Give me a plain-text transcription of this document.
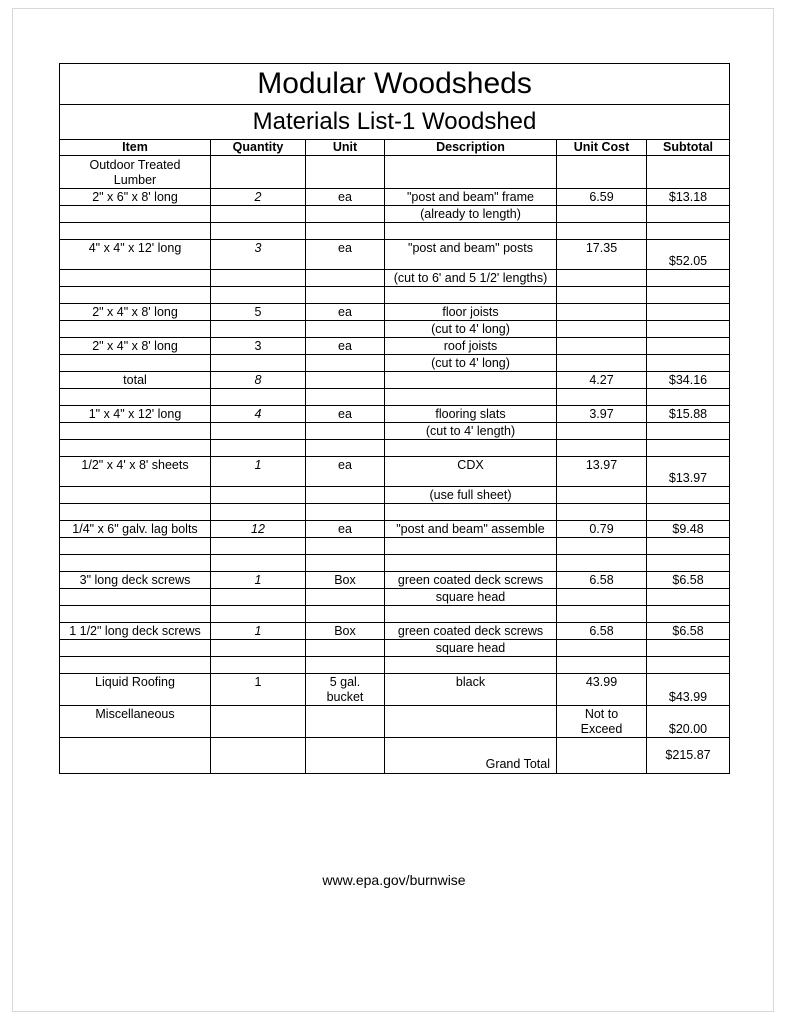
Modular Woodsheds					
Materials List-1 Woodshed					
Item	Quantity	Unit	Description	Unit Cost	Subtotal
Outdoor Treated Lumber					
2" x 6" x 8' long	2	ea	"post and beam" frame	6.59	$13.18
			(already to length)		

4" x 4" x 12' long	3	ea	"post and beam" posts	17.35	$52.05
			(cut to 6' and 5 1/2' lengths)		

2" x 4" x 8' long	5	ea	floor joists		
			(cut to 4' long)		
2" x 4" x 8' long	3	ea	roof joists		
			(cut to 4' long)		
total	8			4.27	$34.16

1" x 4" x 12' long	4	ea	flooring slats	3.97	$15.88
			(cut to 4' length)		

1/2" x 4' x 8' sheets	1	ea	CDX	13.97	$13.97
			(use full sheet)		

1/4" x 6" galv. lag bolts	12	ea	"post and beam" assemble	0.79	$9.48

3" long deck screws	1	Box	green coated deck screws	6.58	$6.58
			square head		

1 1/2" long deck screws	1	Box	green coated deck screws	6.58	$6.58
			square head		

Liquid Roofing	1	5 gal. bucket	black	43.99	$43.99
Miscellaneous				Not to Exceed	$20.00
			Grand Total		$215.87
www.epa.gov/burnwise
